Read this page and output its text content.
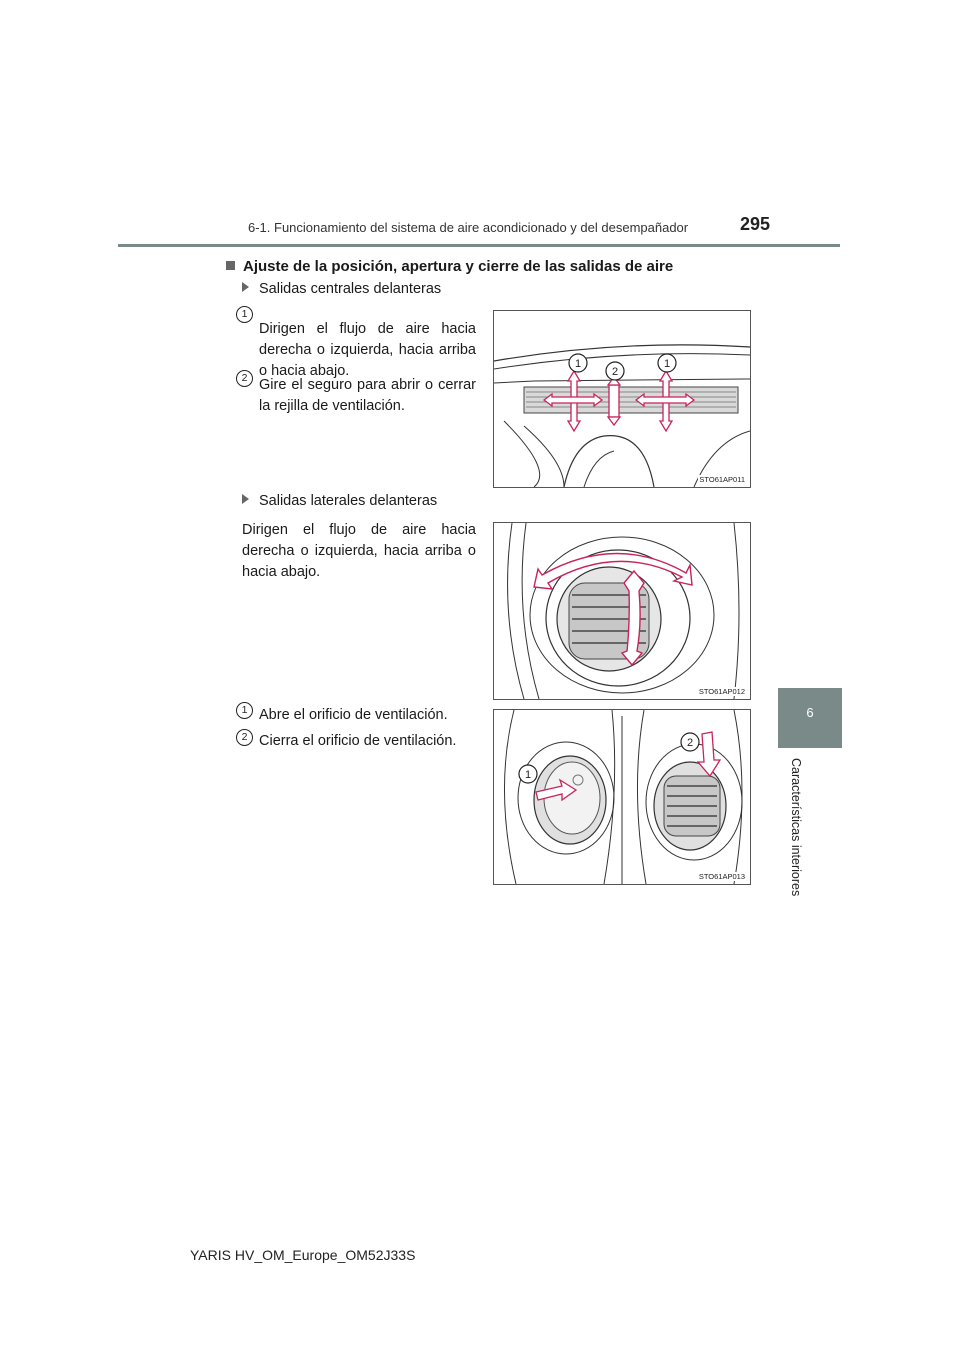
6-1. Funcionamiento del sistema de aire acondicionado y del desempañador	295
6
Características interiores
Ajuste de la posición, apertura y cierre de las salidas de aire
Salidas centrales delanteras
1
Dirigen el flujo de aire hacia derecha o izquierda, hacia arriba o hacia abajo.
2 Gire el seguro para abrir o cerrar la rejilla de ventilación.
1
2
1
STO61AP011
Salidas laterales delanteras
Dirigen el flujo de aire hacia derecha o izquierda, hacia arriba o hacia abajo.
STO61AP012
1 Abre el orificio de ventilación.
2 Cierra el orificio de ventilación.
1
2
STO61AP013
YARIS HV_OM_Europe_OM52J33S
